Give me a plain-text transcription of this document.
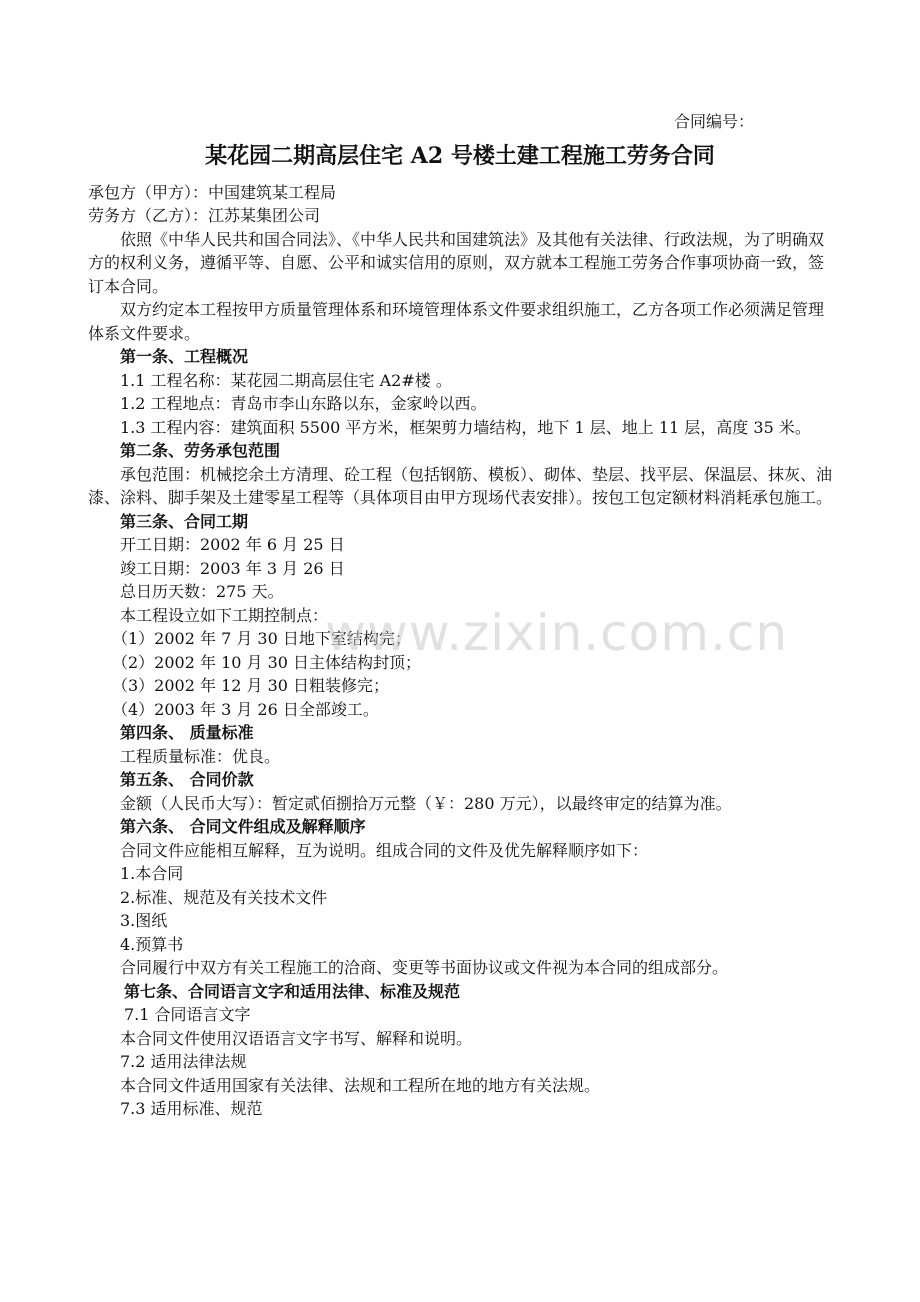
合同编号：
某花园二期高层住宅 A2 号楼土建工程施工劳务合同

承包方（甲方）：中国建筑某工程局

劳务方（乙方）：江苏某集团公司

依照《中华人民共和国合同法》、《中华人民共和国建筑法》及其他有关法律、行政法规，为了明确双方的权利义务，遵循平等、自愿、公平和诚实信用的原则，双方就本工程施工劳务合作事项协商一致，签订本合同。

双方约定本工程按甲方质量管理体系和环境管理体系文件要求组织施工，乙方各项工作必须满足管理体系文件要求。

第一条、工程概况

1.1 工程名称：某花园二期高层住宅 A2#楼 。

1.2 工程地点：青岛市李山东路以东，金家岭以西。

1.3 工程内容：建筑面积 5500 平方米，框架剪力墙结构，地下 1 层、地上 11 层，高度 35 米。

第二条、劳务承包范围

承包范围：机械挖余土方清理、砼工程（包括钢筋、模板）、砌体、垫层、找平层、保温层、抹灰、油漆、涂料、脚手架及土建零星工程等（具体项目由甲方现场代表安排）。按包工包定额材料消耗承包施工。

第三条、合同工期

开工日期：2002 年 6 月 25 日

竣工日期：2003 年 3 月 26 日

总日历天数：275 天。

本工程设立如下工期控制点：

（1）2002 年 7 月 30 日地下室结构完；

（2）2002 年 10 月 30 日主体结构封顶；

（3）2002 年 12 月 30 日粗装修完；

（4）2003 年 3 月 26 日全部竣工。

第四条、 质量标准

工程质量标准：优良。

第五条、 合同价款

金额（人民币大写）：暂定贰佰捌拾万元整（￥：280 万元），以最终审定的结算为准。

第六条、 合同文件组成及解释顺序

合同文件应能相互解释，互为说明。组成合同的文件及优先解释顺序如下：

1.本合同

2.标准、规范及有关技术文件

3.图纸

4.预算书

合同履行中双方有关工程施工的洽商、变更等书面协议或文件视为本合同的组成部分。

第七条、合同语言文字和适用法律、标准及规范

7.1 合同语言文字

本合同文件使用汉语语言文字书写、解释和说明。

7.2 适用法律法规

本合同文件适用国家有关法律、法规和工程所在地的地方有关法规。

7.3 适用标准、规范

www.zixin.com.cn
